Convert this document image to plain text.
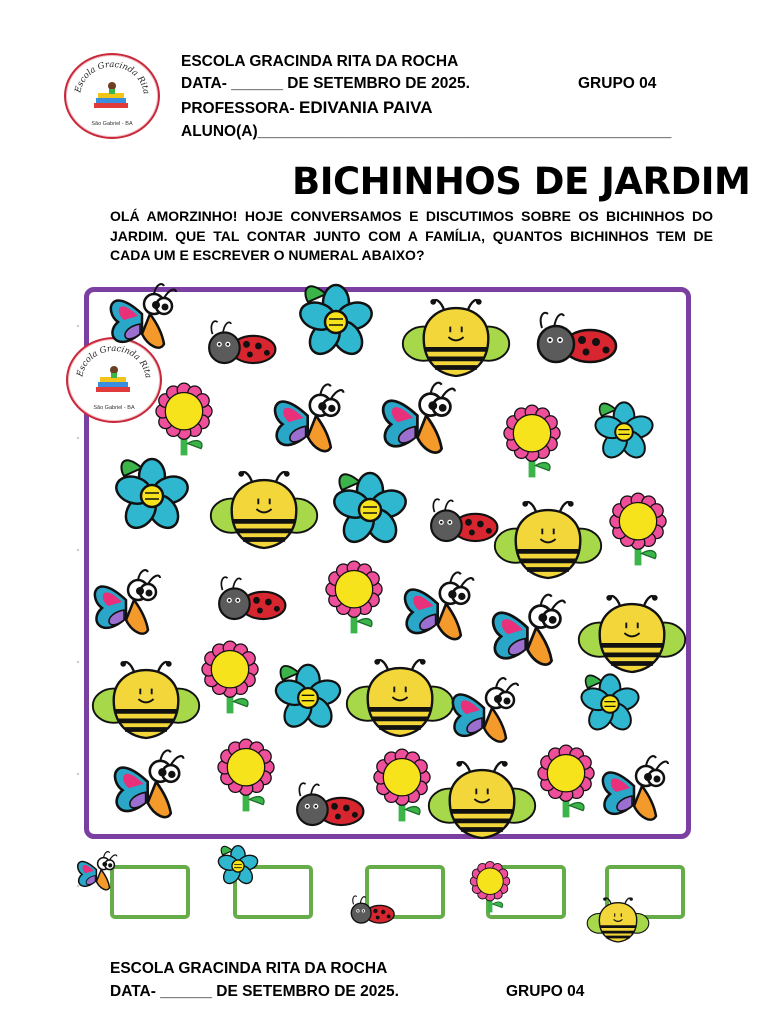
Escola Gracinda Rita
São Gabriel - BA
ESCOLA GRACINDA RITA DA ROCHA
DATA- ______ DE SETEMBRO DE 2025.	GRUPO 04
PROFESSORA- EDIVANIA PAIVA
ALUNO(A)________________________________________________
BICHINHOS DE JARDIM
OLÁ AMORZINHO! HOJE CONVERSAMOS E DISCUTIMOS SOBRE OS BICHINHOS DO JARDIM. QUE TAL CONTAR JUNTO COM A FAMÍLIA, QUANTOS BICHINHOS TEM DE CADA UM E ESCREVER O NUMERAL ABAIXO?
Escola Gracinda Rita
São Gabriel - BA
ESCOLA GRACINDA RITA DA ROCHA
DATA- ______ DE SETEMBRO DE 2025.	GRUPO 04
